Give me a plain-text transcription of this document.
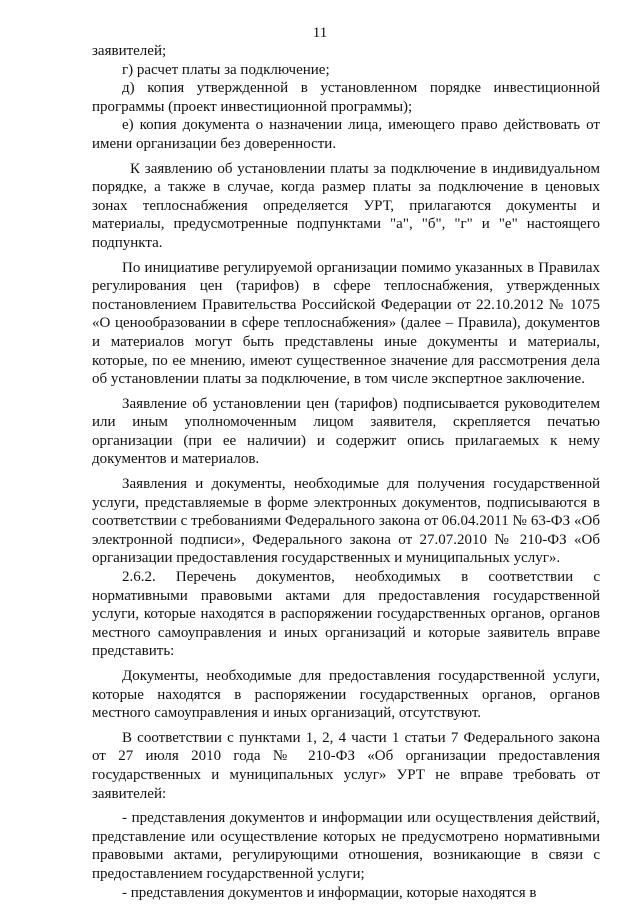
11

заявителей;

г) расчет платы за подключение;

д) копия утвержденной в установленном порядке инвестиционной программы (проект инвестиционной программы);

е) копия документа о назначении лица, имеющего право действовать от имени организации без доверенности.

К заявлению об установлении платы за подключение в индивидуальном порядке, а также в случае, когда размер платы за подключение в ценовых зонах теплоснабжения определяется УРТ, прилагаются документы и материалы, предусмотренные подпунктами "а", "б", "г" и "е" настоящего подпункта.

По инициативе регулируемой организации помимо указанных в Правилах регулирования цен (тарифов) в сфере теплоснабжения, утвержденных постановлением Правительства Российской Федерации от 22.10.2012 № 1075 «О ценообразовании в сфере теплоснабжения» (далее – Правила), документов и материалов могут быть представлены иные документы и материалы, которые, по ее мнению, имеют существенное значение для рассмотрения дела об установлении платы за подключение, в том числе экспертное заключение.

Заявление об установлении цен (тарифов) подписывается руководителем или иным уполномоченным лицом заявителя, скрепляется печатью организации (при ее наличии) и содержит опись прилагаемых к нему документов и материалов.

Заявления и документы, необходимые для получения государственной услуги, представляемые в форме электронных документов, подписываются в соответствии с требованиями Федерального закона от 06.04.2011 № 63-ФЗ «Об электронной подписи», Федерального закона от 27.07.2010 № 210-ФЗ «Об организации предоставления государственных и муниципальных услуг».

2.6.2. Перечень документов, необходимых в соответствии с нормативными правовыми актами для предоставления государственной услуги, которые находятся в распоряжении государственных органов, органов местного самоуправления и иных организаций и которые заявитель вправе представить:

Документы, необходимые для предоставления государственной услуги, которые находятся в распоряжении государственных органов, органов местного самоуправления и иных организаций, отсутствуют.

В соответствии с пунктами 1, 2, 4 части 1 статьи 7 Федерального закона от 27 июля 2010 года № 210-ФЗ «Об организации предоставления государственных и муниципальных услуг» УРТ не вправе требовать от заявителей:

- представления документов и информации или осуществления действий, представление или осуществление которых не предусмотрено нормативными правовыми актами, регулирующими отношения, возникающие в связи с предоставлением государственной услуги;

- представления документов и информации, которые находятся в
